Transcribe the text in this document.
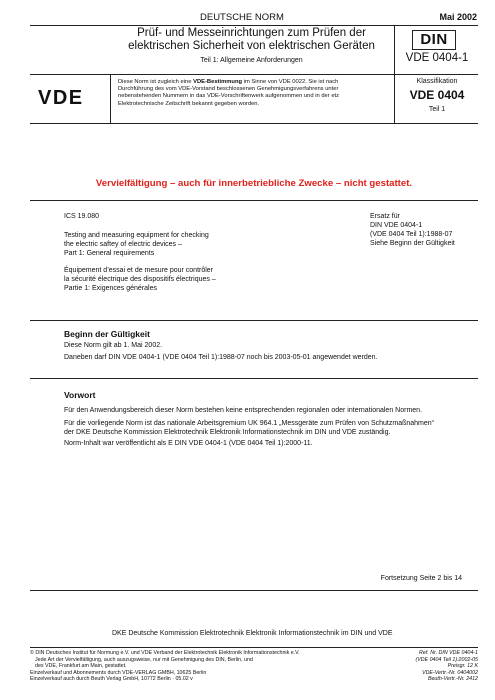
DEUTSCHE NORM	Mai 2002
Prüf- und Messeinrichtungen zum Prüfen der
elektrischen Sicherheit von elektrischen Geräten
Teil 1: Allgemeine Anforderungen
DIN
VDE 0404-1
VDE
Diese Norm ist zugleich eine VDE-Bestimmung im Sinne von VDE 0022. Sie ist nach
Durchführung des vom VDE-Vorstand beschlossenen Genehmigungsverfahrens unter
nebenstehenden Nummern in das VDE-Vorschriftenwerk aufgenommen und in der etz
Elektrotechnische Zeitschrift bekannt gegeben worden.
Klassifikation
VDE 0404
Teil 1
Vervielfältigung – auch für innerbetriebliche Zwecke – nicht gestattet.
ICS 19.080
Testing and measuring equipment for checking
the electric saftey of electric devices –
Part 1: General requirements
Équipement d’essai et de mesure pour contrôler
la sécurité électrique des dispositifs électriques –
Partie 1: Exigences générales
Ersatz für
DIN VDE 0404-1
(VDE 0404 Teil 1):1988-07
Siehe Beginn der Gültigkeit
Beginn der Gültigkeit
Diese Norm gilt ab 1. Mai 2002.
Daneben darf DIN VDE 0404-1 (VDE 0404 Teil 1):1988-07 noch bis 2003-05-01 angewendet werden.
Vorwort
Für den Anwendungsbereich dieser Norm bestehen keine entsprechenden regionalen oder internationalen Normen.
Für die vorliegende Norm ist das nationale Arbeitsgremium UK 964.1 „Messgeräte zum Prüfen von Schutzmaßnahmen“
der DKE Deutsche Kommission Elektrotechnik Elektronik Informationstechnik im DIN und VDE zuständig.
Norm-Inhalt war veröffentlicht als E DIN VDE 0404-1 (VDE 0404 Teil 1):2000-11.
Fortsetzung Seite 2 bis 14
DKE Deutsche Kommission Elektrotechnik Elektronik Informationstechnik im DIN und VDE
© DIN Deutsches Institut für Normung e.V. und VDE Verband der Elektrotechnik Elektronik Informationstechnik e.V.
Jede Art der Vervielfältigung, auch auszugsweise, nur mit Genehmigung des DIN, Berlin, und
des VDE, Frankfurt am Main, gestattet.
Einzelverkauf und Abonnements durch VDE-VERLAG GMBH, 10625 Berlin
Einzelverkauf auch durch Beuth Verlag GmbH, 10772 Berlin · 05.02 v
Ref. Nr. DIN VDE 0404-1
(VDE 0404 Teil 1):2002-05
Preisgr. 12 K
VDE-Vertr.-Nr. 0404002
Beuth-Vertr.-Nr. 2412
